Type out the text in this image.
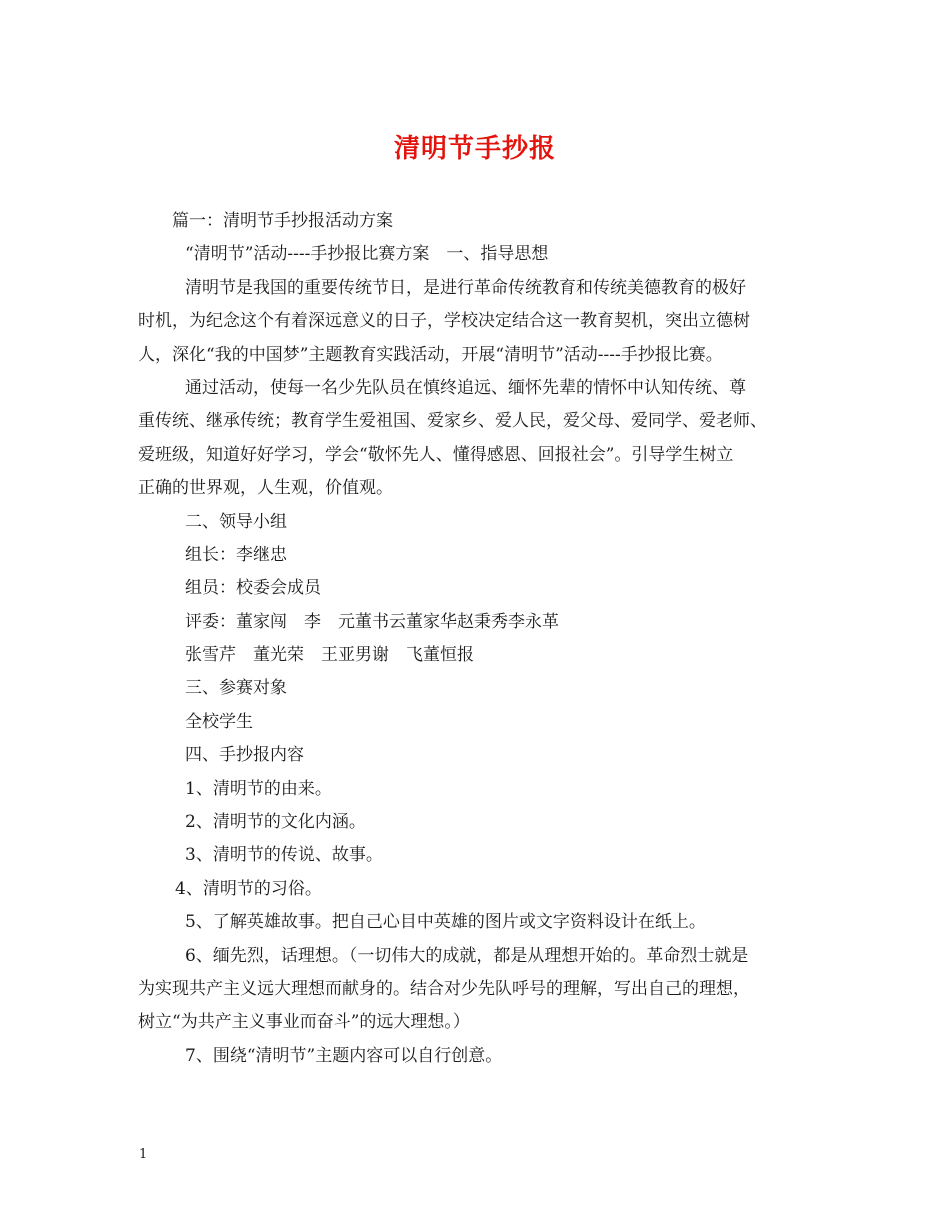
清明节手抄报

篇一：清明节手抄报活动方案

“清明节”活动----手抄报比赛方案　一、指导思想

清明节是我国的重要传统节日，是进行革命传统教育和传统美德教育的极好

时机，为纪念这个有着深远意义的日子，学校决定结合这一教育契机，突出立德树

人，深化“我的中国梦”主题教育实践活动，开展“清明节”活动----手抄报比赛。

通过活动，使每一名少先队员在慎终追远、缅怀先辈的情怀中认知传统、尊

重传统、继承传统；教育学生爱祖国、爱家乡、爱人民，爱父母、爱同学、爱老师、

爱班级，知道好好学习，学会“敬怀先人、懂得感恩、回报社会”。引导学生树立

正确的世界观，人生观，价值观。

二、领导小组

组长：李继忠

组员：校委会成员

评委：董家闯　李　元董书云董家华赵秉秀李永革

张雪芹　董光荣　王亚男谢　飞董恒报

三、参赛对象

全校学生

四、手抄报内容

1、清明节的由来。

2、清明节的文化内涵。

3、清明节的传说、故事。

4、清明节的习俗。

5、了解英雄故事。把自己心目中英雄的图片或文字资料设计在纸上。

6、缅先烈，话理想。（一切伟大的成就，都是从理想开始的。革命烈士就是

为实现共产主义远大理想而献身的。结合对少先队呼号的理解，写出自己的理想，

树立“为共产主义事业而奋斗”的远大理想。）

7、围绕“清明节”主题内容可以自行创意。

1
